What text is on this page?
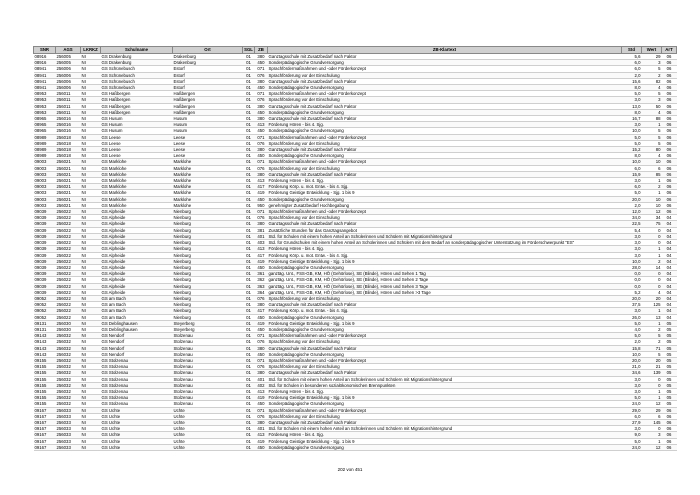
SNR	AGS	LKRKZ	Schulname	Ort	SGL	ZB	ZB-Klartext	Std	Wert	ArT
08916	256005	NI	GS Drakenburg	Drakenburg	01	380	Ganztagsschule mit Zusatzbedarf nach Faktor	5,6	29	06
08916	256005	NI	GS Drakenburg	Drakenburg	01	450	Sonderpädagogische Grundversorgung	6,0	3	06
08941	256006	NI	GS Schünebusch	Estorf	01	071	Sprachfördermaßnahmen und -oder Förderkonzept	6,0	5	06
08941	256006	NI	GS Schünebusch	Estorf	01	076	Sprachförderung vor der Einschulung	2,0	2	06
08941	256006	NI	GS Schünebusch	Estorf	01	380	Ganztagsschule mit Zusatzbedarf nach Faktor	15,6	82	06
08941	256006	NI	GS Schünebusch	Estorf	01	450	Sonderpädagogische Grundversorgung	8,0	4	06
08953	256011	NI	GS Haßbergen	Haßbergen	01	071	Sprachfördermaßnahmen und -oder Förderkonzept	5,0	5	06
08953	256011	NI	GS Haßbergen	Haßbergen	01	076	Sprachförderung vor der Einschulung	3,0	3	06
08953	256011	NI	GS Haßbergen	Haßbergen	01	380	Ganztagsschule mit Zusatzbedarf nach Faktor	13,0	50	06
08953	256011	NI	GS Haßbergen	Haßbergen	01	450	Sonderpädagogische Grundversorgung	8,0	4	06
08965	256016	NI	GS Husum	Husum	01	380	Ganztagsschule mit Zusatzbedarf nach Faktor	16,7	88	06
08965	256016	NI	GS Husum	Husum	01	413	Förderung Hören - bis 4. Sjg.	3,0	1	06
08965	256016	NI	GS Husum	Husum	01	450	Sonderpädagogische Grundversorgung	10,0	5	06
08989	256018	NI	GS Leese	Leese	01	071	Sprachfördermaßnahmen und -oder Förderkonzept	5,0	5	06
08989	256018	NI	GS Leese	Leese	01	076	Sprachförderung vor der Einschulung	5,0	5	06
08989	256018	NI	GS Leese	Leese	01	380	Ganztagsschule mit Zusatzbedarf nach Faktor	15,2	80	06
08989	256018	NI	GS Leese	Leese	01	450	Sonderpädagogische Grundversorgung	8,0	4	06
09003	256021	NI	GS Marklohe	Marklohe	01	071	Sprachfördermaßnahmen und -oder Förderkonzept	10,0	10	06
09003	256021	NI	GS Marklohe	Marklohe	01	076	Sprachförderung vor der Einschulung	6,0	6	06
09003	256021	NI	GS Marklohe	Marklohe	01	380	Ganztagsschule mit Zusatzbedarf nach Faktor	15,9	85	06
09003	256021	NI	GS Marklohe	Marklohe	01	413	Förderung Hören - bis 4. Sjg.	3,0	1	06
09003	256021	NI	GS Marklohe	Marklohe	01	417	Förderung Körp. u. mot. Entw. - bis 4. Sjg.	6,0	2	06
09003	256021	NI	GS Marklohe	Marklohe	01	419	Förderung Geistige Entwicklung - Sjg. 1 bis 9	5,0	1	06
09003	256021	NI	GS Marklohe	Marklohe	01	450	Sonderpädagogische Grundversorgung	20,0	10	06
09003	256021	NI	GS Marklohe	Marklohe	01	950	genehmigter Zusatzbedarf Hochbegabung	2,0	10	06
09039	256022	NI	GS Alpheide	Nienburg	01	071	Sprachfördermaßnahmen und -oder Förderkonzept	12,0	12	06
09039	256022	NI	GS Alpheide	Nienburg	01	076	Sprachförderung vor der Einschulung	34,0	34	04
09039	256022	NI	GS Alpheide	Nienburg	01	380	Ganztagsschule mit Zusatzbedarf nach Faktor	22,5	75	04
09039	256022	NI	GS Alpheide	Nienburg	01	381	Zusätzliche Stunden für das Ganztagsangebot	5,4	0	04
09039	256022	NI	GS Alpheide	Nienburg	01	401	Std. für Schulen mit einem hohen Anteil an Schülerinnen und Schülern mit Migrationshintergrund	3,0	0	04
09039	256022	NI	GS Alpheide	Nienburg	01	403	Std. für Grundschulen mit einem hohen Anteil an Schülerinnen und Schülern mit dem Bedarf an sonderpädagogischer Unterstützung im Förderschwerpunkt "ES"	3,0	0	04
09039	256022	NI	GS Alpheide	Nienburg	01	413	Förderung Hören - bis 4. Sjg.	3,0	1	04
09039	256022	NI	GS Alpheide	Nienburg	01	417	Förderung Körp. u. mot. Entw. - bis 4. Sjg.	3,0	1	04
09039	256022	NI	GS Alpheide	Nienburg	01	419	Förderung Geistige Entwicklung - Sjg. 1 bis 9	10,0	2	04
09039	256022	NI	GS Alpheide	Nienburg	01	450	Sonderpädagogische Grundversorgung	28,0	14	04
09039	256022	NI	GS Alpheide	Nienburg	01	361	ganztäg. Unt., FSS-GB, KM, HÖ (Gehörlose), SE (Blinde), Hören und Sehen 1 Tag	0,0	0	04
09039	256022	NI	GS Alpheide	Nienburg	01	362	ganztäg. Unt., FSS-GB, KM, HÖ (Gehörlose), SE (Blinde), Hören und Sehen 2 Tage	0,0	0	04
09039	256022	NI	GS Alpheide	Nienburg	01	363	ganztäg. Unt., FSS-GB, KM, HÖ (Gehörlose), SE (Blinde), Hören und Sehen 3 Tage	0,0	0	04
09039	256022	NI	GS Alpheide	Nienburg	01	364	ganztäg. Unt., FSS-GB, KM, HÖ (Gehörlose), SE (Blinde), Hören und Sehen >3 Tage	5,2	4	04
09052	256022	NI	GS am Bach	Nienburg	01	076	Sprachförderung vor der Einschulung	20,0	20	04
09052	256022	NI	GS am Bach	Nienburg	01	380	Ganztagsschule mit Zusatzbedarf nach Faktor	37,5	125	04
09052	256022	NI	GS am Bach	Nienburg	01	417	Förderung Körp. u. mot. Entw. - bis 4. Sjg.	3,0	1	04
09052	256022	NI	GS am Bach	Nienburg	01	450	Sonderpädagogische Grundversorgung	26,0	13	04
09131	256030	NI	GS Deblinghausen	Steyerberg	01	419	Förderung Geistige Entwicklung - Sjg. 1 bis 9	5,0	1	05
09131	256030	NI	GS Deblinghausen	Steyerberg	01	450	Sonderpädagogische Grundversorgung	4,0	2	05
09143	256032	NI	GS Nendorf	Stolzenau	01	071	Sprachfördermaßnahmen und -oder Förderkonzept	5,0	5	05
09143	256032	NI	GS Nendorf	Stolzenau	01	076	Sprachförderung vor der Einschulung	2,0	2	05
09143	256032	NI	GS Nendorf	Stolzenau	01	380	Ganztagsschule mit Zusatzbedarf nach Faktor	15,8	71	05
09143	256032	NI	GS Nendorf	Stolzenau	01	450	Sonderpädagogische Grundversorgung	10,0	5	05
09155	256032	NI	GS Stolzenau	Stolzenau	01	071	Sprachfördermaßnahmen und -oder Förderkonzept	20,0	20	05
09155	256032	NI	GS Stolzenau	Stolzenau	01	076	Sprachförderung vor der Einschulung	21,0	21	05
09155	256032	NI	GS Stolzenau	Stolzenau	01	380	Ganztagsschule mit Zusatzbedarf nach Faktor	34,6	139	05
09155	256032	NI	GS Stolzenau	Stolzenau	01	401	Std. für Schulen mit einem hohen Anteil an Schülerinnen und Schülern mit Migrationshintergrund	3,0	0	05
09155	256032	NI	GS Stolzenau	Stolzenau	01	402	Std. für Schulen in besonderen sozialökonomischen Brennpunkten	3,0	0	05
09155	256032	NI	GS Stolzenau	Stolzenau	01	413	Förderung Hören - bis 4. Sjg.	3,0	1	05
09155	256032	NI	GS Stolzenau	Stolzenau	01	419	Förderung Geistige Entwicklung - Sjg. 1 bis 9	5,0	1	05
09155	256032	NI	GS Stolzenau	Stolzenau	01	450	Sonderpädagogische Grundversorgung	24,0	12	05
09167	256033	NI	GS Uchte	Uchte	01	071	Sprachfördermaßnahmen und -oder Förderkonzept	29,0	29	06
09167	256033	NI	GS Uchte	Uchte	01	076	Sprachförderung vor der Einschulung	6,0	6	06
09167	256033	NI	GS Uchte	Uchte	01	380	Ganztagsschule mit Zusatzbedarf nach Faktor	27,9	145	06
09167	256033	NI	GS Uchte	Uchte	01	401	Std. für Schulen mit einem hohen Anteil an Schülerinnen und Schülern mit Migrationshintergrund	3,0	0	06
09167	256033	NI	GS Uchte	Uchte	01	413	Förderung Hören - bis 4. Sjg.	9,0	3	06
09167	256033	NI	GS Uchte	Uchte	01	419	Förderung Geistige Entwicklung - Sjg. 1 bis 9	5,0	1	06
09167	256033	NI	GS Uchte	Uchte	01	450	Sonderpädagogische Grundversorgung	24,0	12	06
202 von 451
